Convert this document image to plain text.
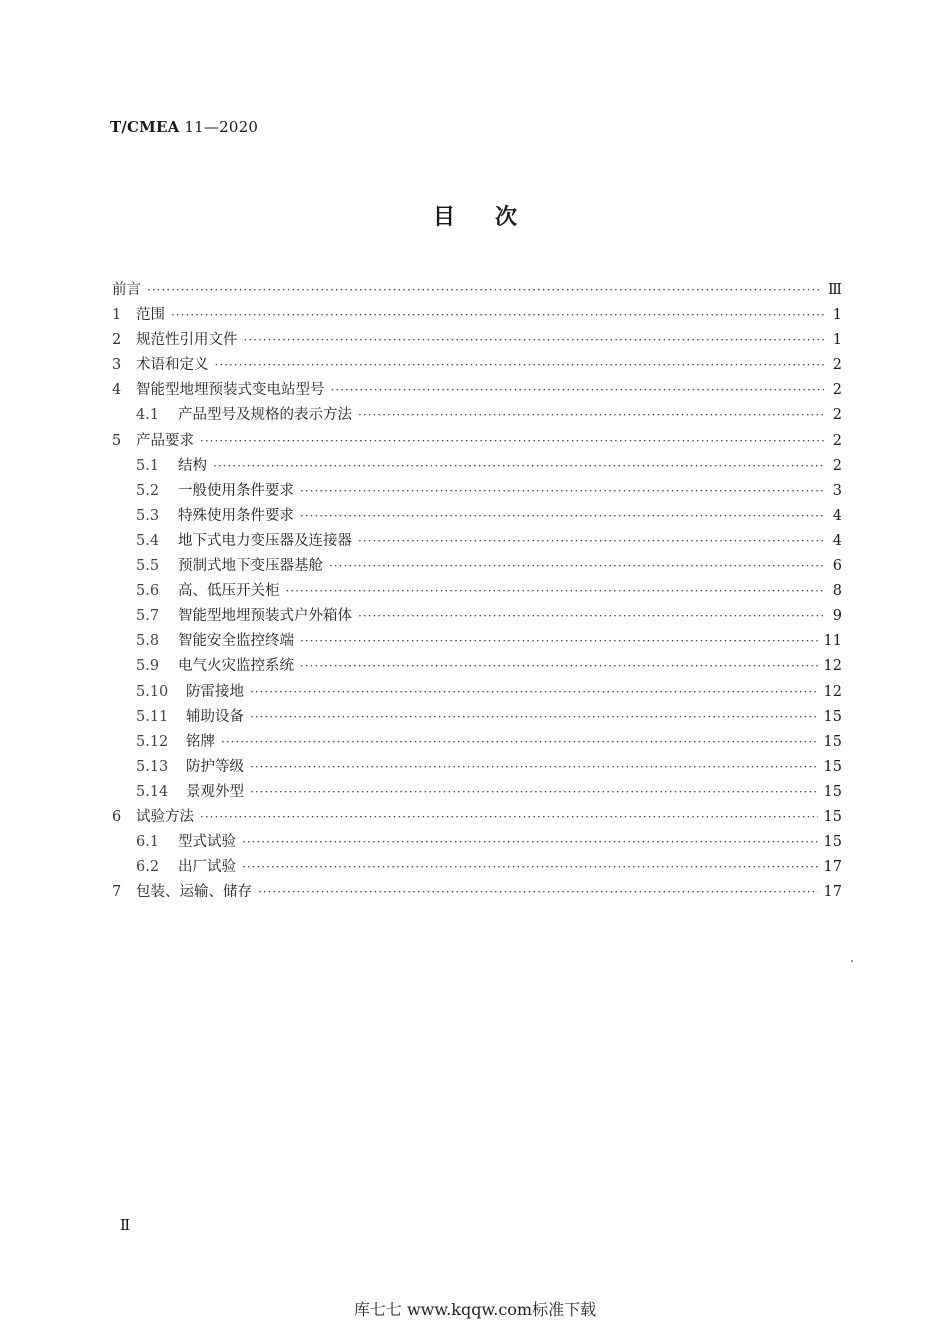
T/CMEA 11—2020
目次
前言 ·····	Ⅲ
1	范围 ·····	1
2	规范性引用文件 ·····	1
3	术语和定义 ·····	2
4	智能型地埋预装式变电站型号 ·····	2
4.1	产品型号及规格的表示方法 ·····	2
5	产品要求 ·····	2
5.1	结构 ·····	2
5.2	一般使用条件要求 ·····	3
5.3	特殊使用条件要求 ·····	4
5.4	地下式电力变压器及连接器 ·····	4
5.5	预制式地下变压器基舱 ·····	6
5.6	高、低压开关柜 ·····	8
5.7	智能型地埋预装式户外箱体 ·····	9
5.8	智能安全监控终端 ·····	11
5.9	电气火灾监控系统 ·····	12
5.10	防雷接地 ·····	12
5.11	辅助设备 ·····	15
5.12	铭牌 ·····	15
5.13	防护等级 ·····	15
5.14	景观外型 ·····	15
6	试验方法 ·····	15
6.1	型式试验 ·····	15
6.2	出厂试验 ·····	17
7	包装、运输、储存 ·····	17
Ⅱ
库七七 www.kqqw.com标准下载
